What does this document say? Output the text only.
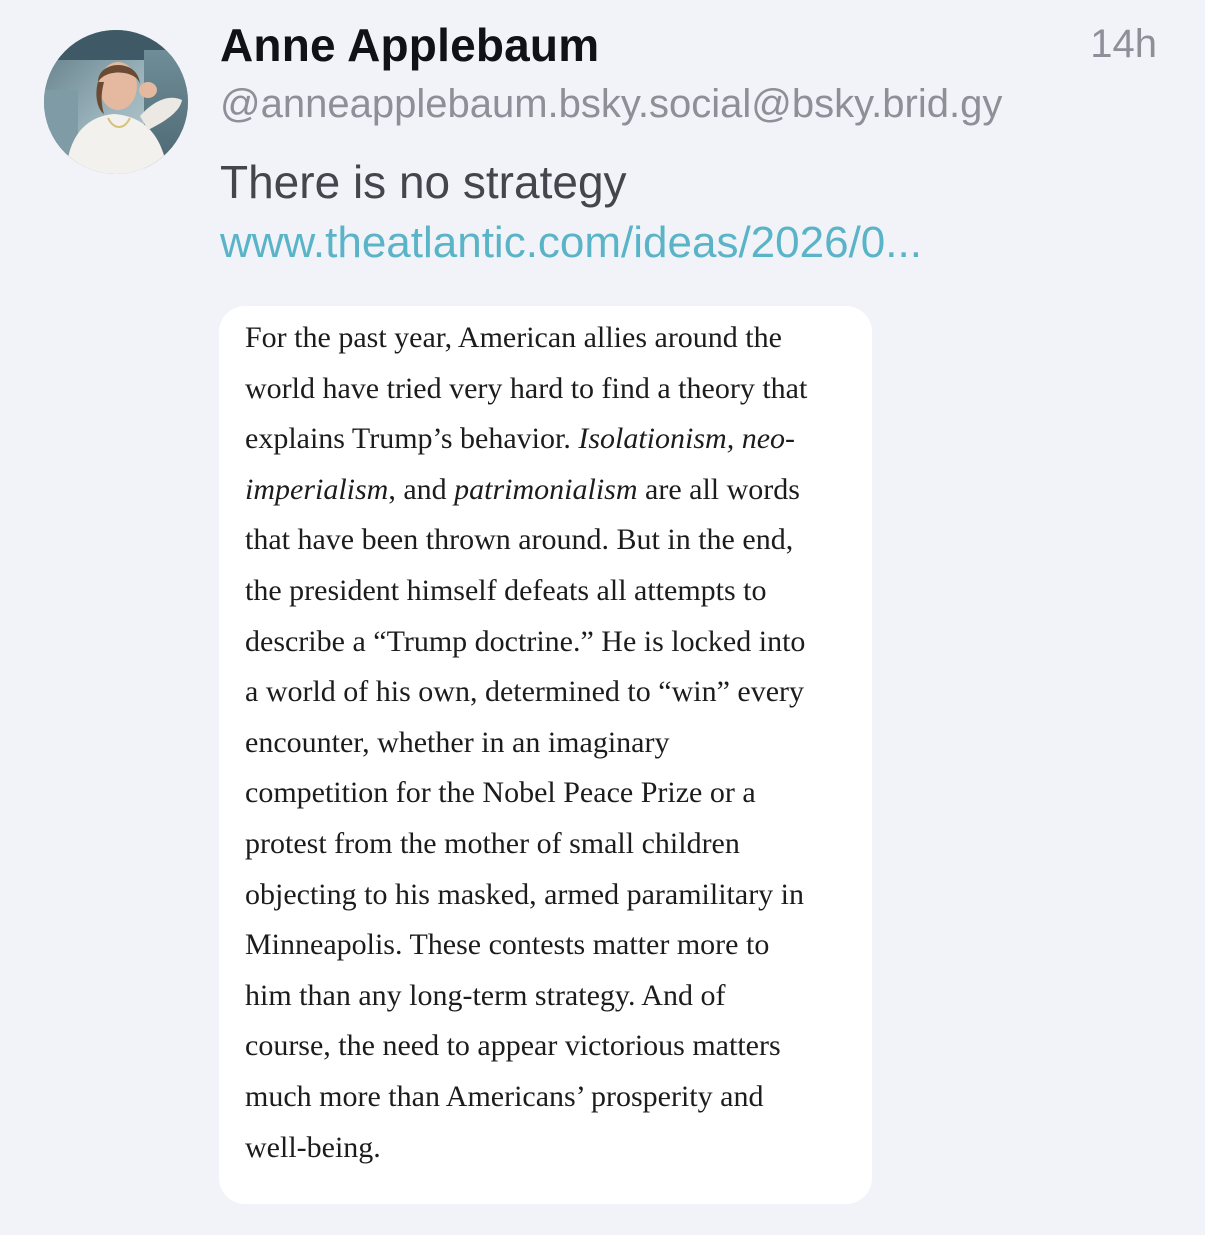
Anne Applebaum	14h
@anneapplebaum.bsky.social@bsky.brid.gy
There is no strategy
www.theatlantic.com/ideas/2026/0...
For the past year, American allies around the
world have tried very hard to find a theory that
explains Trump’s behavior. Isolationism, neo-
imperialism, and patrimonialism are all words
that have been thrown around. But in the end,
the president himself defeats all attempts to
describe a “Trump doctrine.” He is locked into
a world of his own, determined to “win” every
encounter, whether in an imaginary
competition for the Nobel Peace Prize or a
protest from the mother of small children
objecting to his masked, armed paramilitary in
Minneapolis. These contests matter more to
him than any long-term strategy. And of
course, the need to appear victorious matters
much more than Americans’ prosperity and
well-being.
